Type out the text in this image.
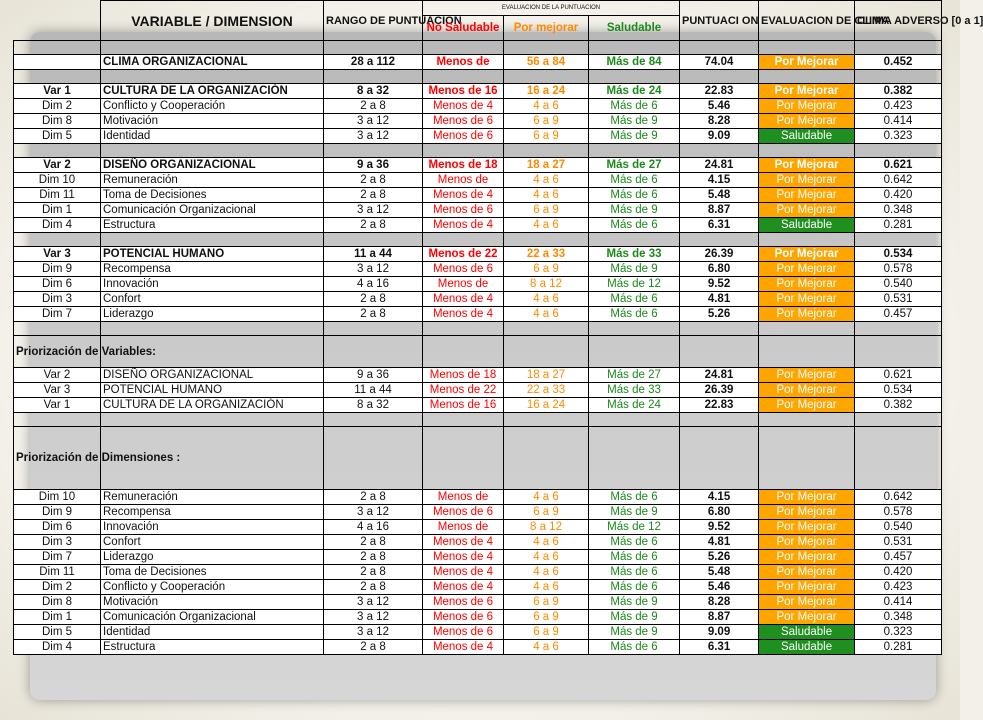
	VARIABLE / DIMENSION	RANGO DE PUNTUACION	EVALUACION DE LA PUNTUACION			PUNTUACI ON	EVALUACION DE CLIMA	CLIMA ADVERSO [0 a 1]
			No Saludable	Por mejorar	Saludable			

	CLIMA ORGANIZACIONAL	28 a 112	Menos de	56 a 84	Más de 84	74.04	Por Mejorar	0.452

Var 1	CULTURA DE LA ORGANIZACIÓN	8 a 32	Menos de 16	16 a 24	Más de 24	22.83	Por Mejorar	0.382
Dim 2	Conflicto y Cooperación	2 a 8	Menos de 4	4 a 6	Más de 6	5.46	Por Mejorar	0.423
Dim 8	Motivación	3 a 12	Menos de 6	6 a 9	Más de 9	8.28	Por Mejorar	0.414
Dim 5	Identidad	3 a 12	Menos de 6	6 a 9	Más de 9	9.09	Saludable	0.323

Var 2	DISEÑO ORGANIZACIONAL	9 a 36	Menos de 18	18 a 27	Más de 27	24.81	Por Mejorar	0.621
Dim 10	Remuneración	2 a 8	Menos de	4 a 6	Más de 6	4.15	Por Mejorar	0.642
Dim 11	Toma de Decisiones	2 a 8	Menos de 4	4 a 6	Más de 6	5.48	Por Mejorar	0.420
Dim 1	Comunicación Organizacional	3 a 12	Menos de 6	6 a 9	Más de 9	8.87	Por Mejorar	0.348
Dim 4	Estructura	2 a 8	Menos de 4	4 a 6	Más de 6	6.31	Saludable	0.281

Var 3	POTENCIAL HUMANO	11 a 44	Menos de 22	22 a 33	Más de 33	26.39	Por Mejorar	0.534
Dim 9	Recompensa	3 a 12	Menos de 6	6 a 9	Más de 9	6.80	Por Mejorar	0.578
Dim 6	Innovación	4 a 16	Menos de	8 a 12	Más de 12	9.52	Por Mejorar	0.540
Dim 3	Confort	2 a 8	Menos de 4	4 a 6	Más de 6	4.81	Por Mejorar	0.531
Dim 7	Liderazgo	2 a 8	Menos de 4	4 a 6	Más de 6	5.26	Por Mejorar	0.457

Priorización de Variables:								
Var 2	DISEÑO ORGANIZACIONAL	9 a 36	Menos de 18	18 a 27	Más de 27	24.81	Por Mejorar	0.621
Var 3	POTENCIAL HUMANO	11 a 44	Menos de 22	22 a 33	Más de 33	26.39	Por Mejorar	0.534
Var 1	CULTURA DE LA ORGANIZACIÓN	8 a 32	Menos de 16	16 a 24	Más de 24	22.83	Por Mejorar	0.382

Priorización de Dimensiones :								
Dim 10	Remuneración	2 a 8	Menos de	4 a 6	Más de 6	4.15	Por Mejorar	0.642
Dim 9	Recompensa	3 a 12	Menos de 6	6 a 9	Más de 9	6.80	Por Mejorar	0.578
Dim 6	Innovación	4 a 16	Menos de	8 a 12	Más de 12	9.52	Por Mejorar	0.540
Dim 3	Confort	2 a 8	Menos de 4	4 a 6	Más de 6	4.81	Por Mejorar	0.531
Dim 7	Liderazgo	2 a 8	Menos de 4	4 a 6	Más de 6	5.26	Por Mejorar	0.457
Dim 11	Toma de Decisiones	2 a 8	Menos de 4	4 a 6	Más de 6	5.48	Por Mejorar	0.420
Dim 2	Conflicto y Cooperación	2 a 8	Menos de 4	4 a 6	Más de 6	5.46	Por Mejorar	0.423
Dim 8	Motivación	3 a 12	Menos de 6	6 a 9	Más de 9	8.28	Por Mejorar	0.414
Dim 1	Comunicación Organizacional	3 a 12	Menos de 6	6 a 9	Más de 9	8.87	Por Mejorar	0.348
Dim 5	Identidad	3 a 12	Menos de 6	6 a 9	Más de 9	9.09	Saludable	0.323
Dim 4	Estructura	2 a 8	Menos de 4	4 a 6	Más de 6	6.31	Saludable	0.281
